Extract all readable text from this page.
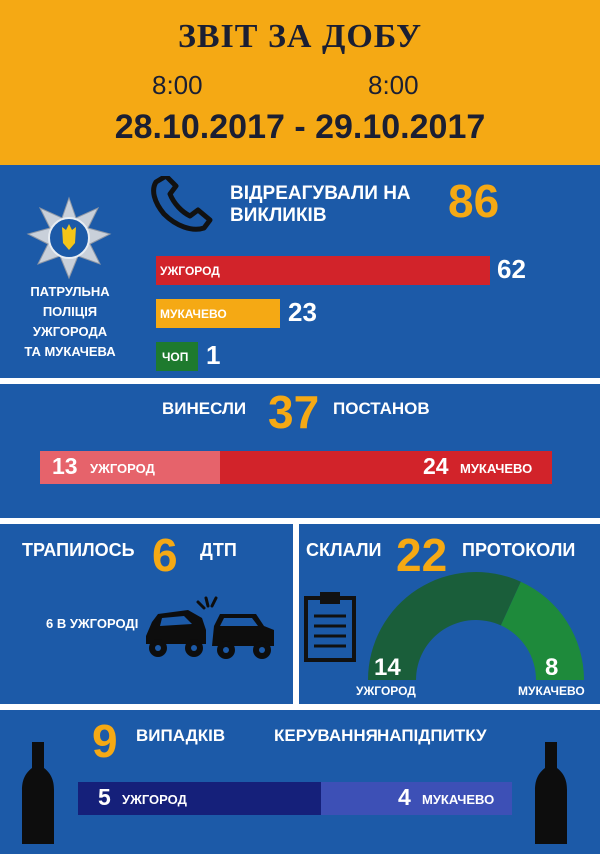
ЗВІТ ЗА ДОБУ
8:00	8:00
28.10.2017 - 29.10.2017
ПАТРУЛЬНА
ПОЛІЦІЯ
УЖГОРОДА
ТА МУКАЧЕВА
ВІДРЕАГУВАЛИ НА
ВИКЛИКІВ	86
УЖГОРОД	62
МУКАЧЕВО 23
ЧОП 1
ВИНЕСЛИ 37 ПОСТАНОВ
13 УЖГОРОД	24 МУКАЧЕВО
ТРАПИЛОСЬ 6 ДТП
6 В УЖГОРОДІ
СКЛАЛИ 22 ПРОТОКОЛИ
14
УЖГОРОД
8
МУКАЧЕВО
9 ВИПАДКІВ	КЕРУВАННЯ НАПІДПИТКУ
5 УЖГОРОД	4 МУКАЧЕВО
